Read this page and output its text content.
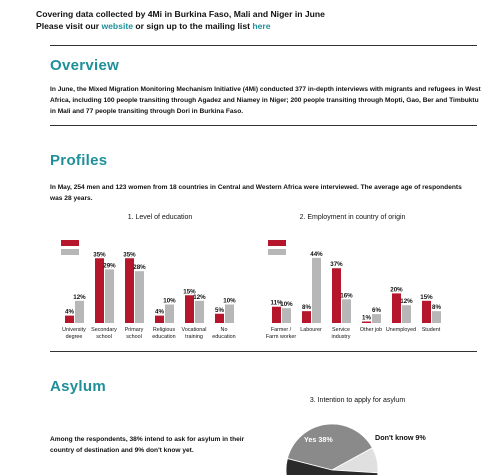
Covering data collected by 4Mi in Burkina Faso, Mali and Niger in June
Please visit our website or sign up to the mailing list here
Overview
In June, the Mixed Migration Monitoring Mechanism Initiative (4Mi) conducted 377 in-depth interviews with migrants and refugees in West Africa, including 100 people transiting through Agadez and Niamey in Niger; 200 people transiting through Mopti, Gao, Ber and Timbuktu in Mali and 77 people transiting through Dori in Burkina Faso.
Profiles
In May, 254 men and 123 women from 18 countries in Central and Western Africa were interviewed. The average age of respondents was 28 years.
1. Level of education
women
men
4%
12%
University
degree
35%
29%
Secondary
school
35%
28%
Primary
school
4%
10%
Religious
education
15%
12%
Vocational
training
5%
10%
No
education
2. Employment in country of origin
women
men
11%
10%
Farmer /
Farm worker
8%
44%
Labourer
37%
16%
Service
industry
1%
6%
Other job
20%
12%
Unemployed
15%
8%
Student
Asylum
Among the respondents, 38% intend to ask for asylum in their country of destination and 9% don't know yet.
3. Intention to apply for asylum
Yes 38%	Don't know 9%
